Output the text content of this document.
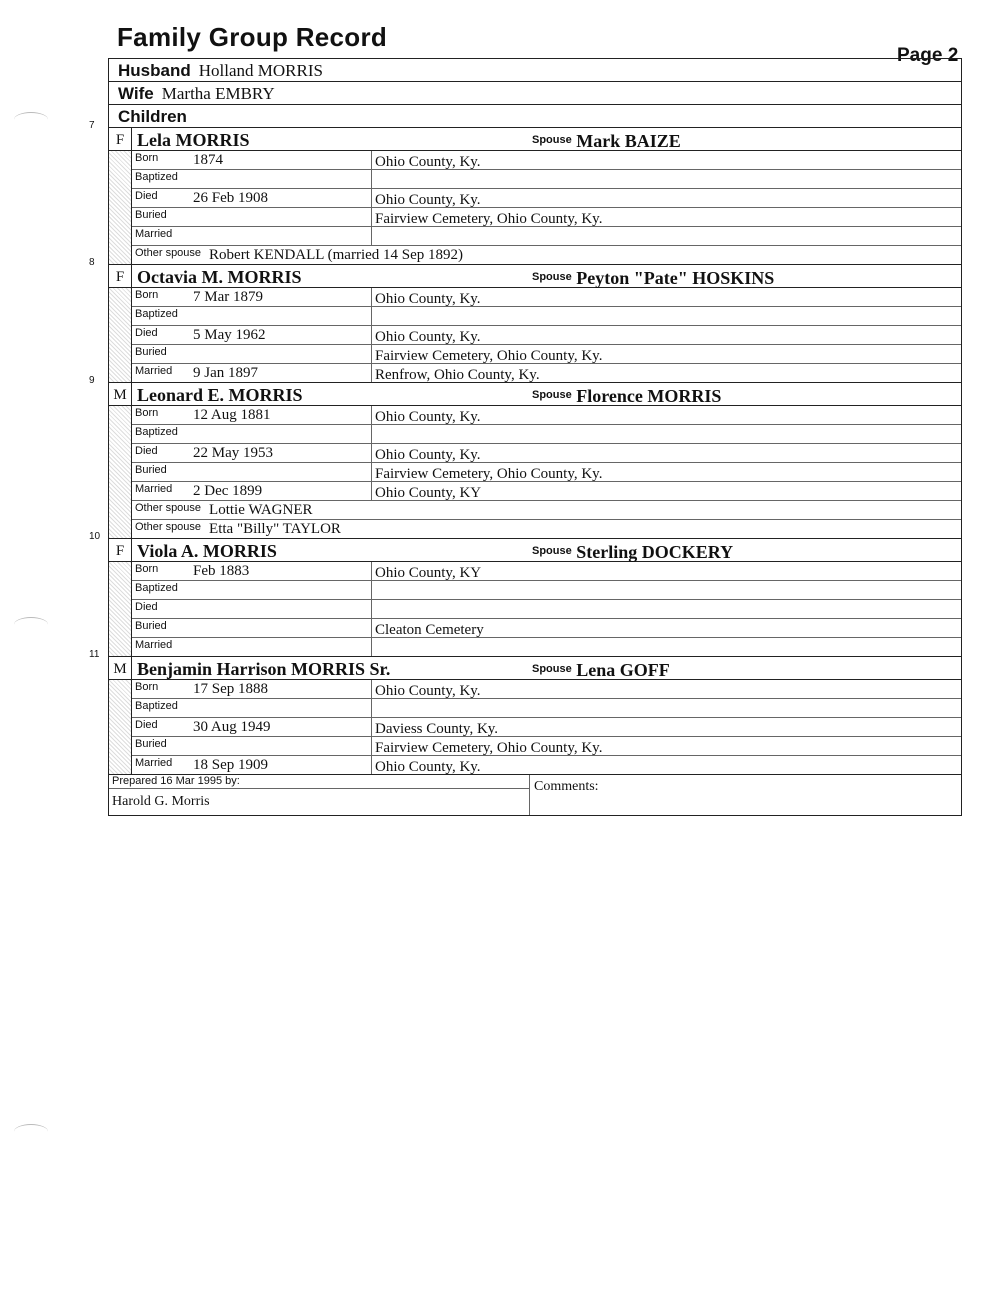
Family Group Record
Page 2
Husband Holland MORRIS
Wife Martha EMBRY
Children
7
F Lela MORRIS	$^{Spouse}$ Mark BAIZE
Born	1874	Ohio County, Ky.
Baptized
Died	26 Feb 1908	Ohio County, Ky.
Buried	Fairview Cemetery, Ohio County, Ky.
Married
Other spouse Robert KENDALL (married 14 Sep 1892)
8
F Octavia M. MORRIS	$^{Spouse}$ Peyton "Pate" HOSKINS
Born	7 Mar 1879	Ohio County, Ky.
Baptized
Died	5 May 1962	Ohio County, Ky.
Buried	Fairview Cemetery, Ohio County, Ky.
Married	9 Jan 1897	Renfrow, Ohio County, Ky.
9
M Leonard E. MORRIS	$^{Spouse}$ Florence MORRIS
Born	12 Aug 1881	Ohio County, Ky.
Baptized
Died	22 May 1953	Ohio County, Ky.
Buried	Fairview Cemetery, Ohio County, Ky.
Married	2 Dec 1899	Ohio County, KY
Other spouse Lottie WAGNER
Other spouse Etta "Billy" TAYLOR
10
F Viola A. MORRIS	$^{Spouse}$ Sterling DOCKERY
Born	Feb 1883	Ohio County, KY
Baptized
Died
Buried	Cleaton Cemetery
Married
11
M Benjamin Harrison MORRIS Sr.	$^{Spouse}$ Lena GOFF
Born	17 Sep 1888	Ohio County, Ky.
Baptized
Died	30 Aug 1949	Daviess County, Ky.
Buried	Fairview Cemetery, Ohio County, Ky.
Married	18 Sep 1909	Ohio County, Ky.
Prepared 16 Mar 1995 by:
Harold G. Morris
Comments:
